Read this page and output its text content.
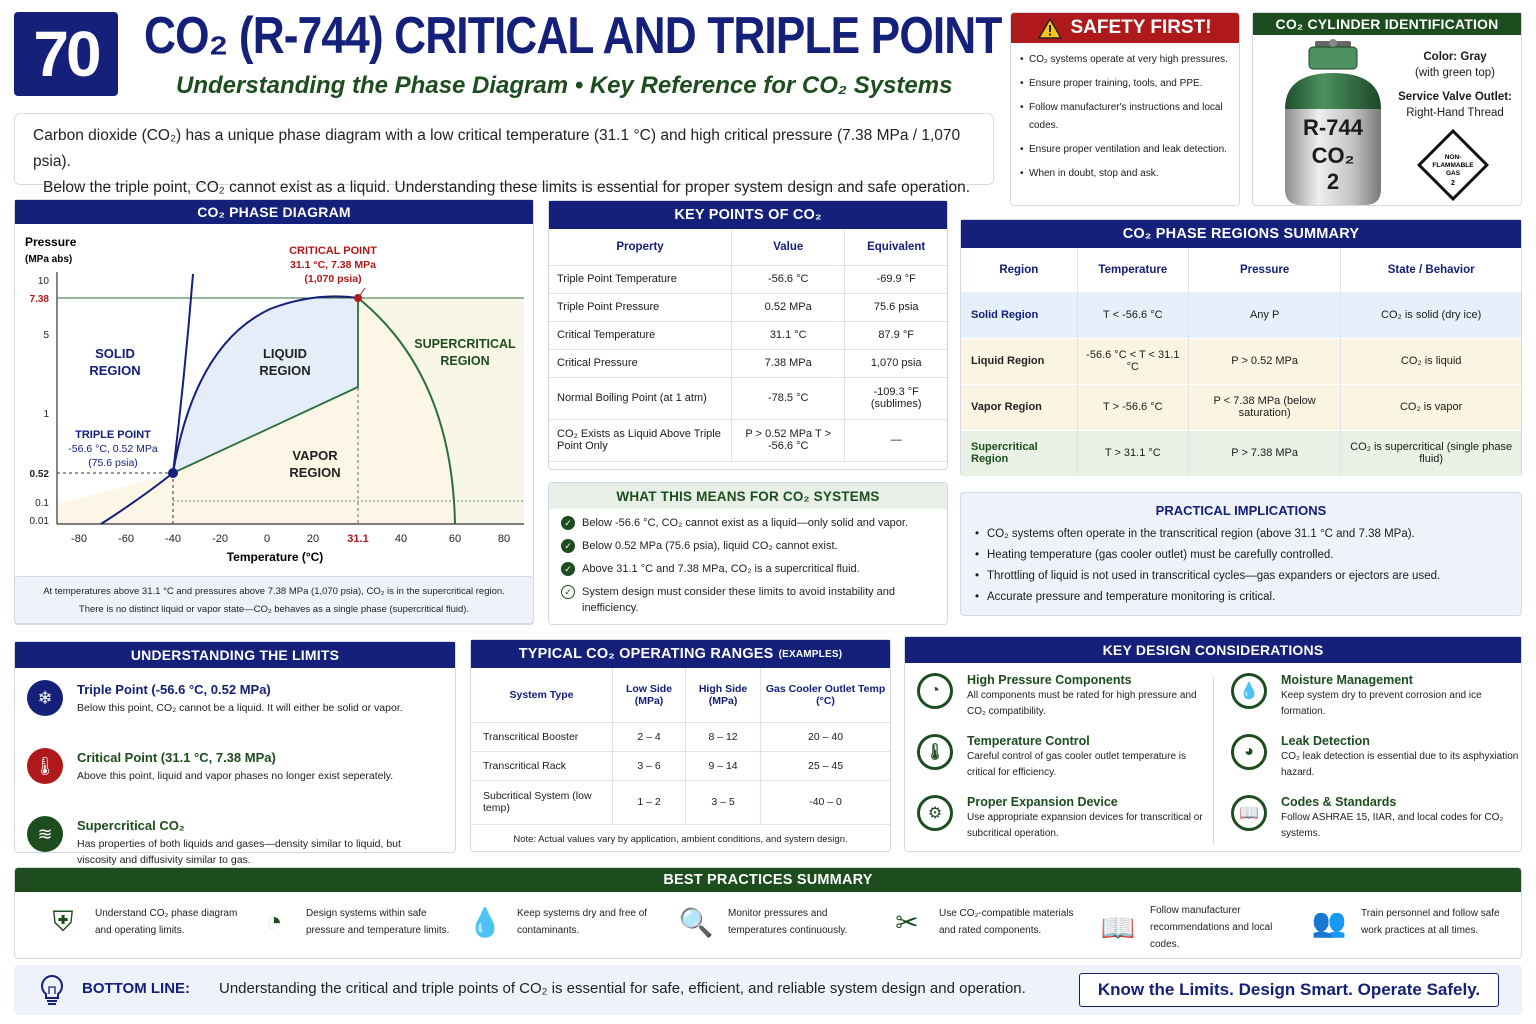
70 CO₂ (R-744) CRITICAL AND TRIPLE POINT
Understanding the Phase Diagram • Key Reference for CO₂ Systems
Carbon dioxide (CO₂) has a unique phase diagram with a low critical temperature (31.1 °C) and high critical pressure (7.38 MPa / 1,070 psia).
Below the triple point, CO₂ cannot exist as a liquid. Understanding these limits is essential for proper system design and safe operation.
SAFETY FIRST!
• CO₂ systems operate at very high pressures.
• Ensure proper training, tools, and PPE.
• Follow manufacturer's instructions and local codes.
• Ensure proper ventilation and leak detection.
• When in doubt, stop and ask.
CO₂ CYLINDER IDENTIFICATION
R-744
CO₂
2
Color: Gray
(with green top)
Service Valve Outlet:
Right-Hand Thread
NON-
FLAMMABLE
GAS
2
CO₂ PHASE DIAGRAM
Pressure
(MPa abs)
Temperature (°C)
10
7.38
5
1
0.52
0.1
0.01
-80	-60	-40	-20	0	20	31.1 40	60	80
CRITICAL POINT
31.1 °C, 7.38 MPa
(1,070 psia)
TRIPLE POINT
-56.6 °C, 0.52 MPa
(75.6 psia)
SOLID
REGION
LIQUID
REGION
VAPOR
REGION
SUPERCRITICAL
REGION
At temperatures above 31.1 °C and pressures above 7.38 MPa (1,070 psia), CO₂ is in the supercritical region.
There is no distinct liquid or vapor state—CO₂ behaves as a single phase (supercritical fluid).
KEY POINTS OF CO₂
Property	Value	Equivalent
Triple Point Temperature	-56.6 °C	-69.9 °F
Triple Point Pressure	0.52 MPa	75.6 psia
Critical Temperature	31.1 °C	87.9 °F
Critical Pressure	7.38 MPa	1,070 psia
Normal Boiling Point (at 1 atm)	-78.5 °C	-109.3 °F (sublimes)
CO₂ Exists as Liquid Above Triple Point Only	P > 0.52 MPa T > -56.6 °C	—
WHAT THIS MEANS FOR CO₂ SYSTEMS
✓ Below -56.6 °C, CO₂ cannot exist as a liquid—only solid and vapor.
✓ Below 0.52 MPa (75.6 psia), liquid CO₂ cannot exist.
✓ Above 31.1 °C and 7.38 MPa, CO₂ is a supercritical fluid.
✓ System design must consider these limits to avoid instability and inefficiency.
CO₂ PHASE REGIONS SUMMARY
Region	Temperature	Pressure	State / Behavior
Solid Region	T < -56.6 °C	Any P	CO₂ is solid (dry ice)
Liquid Region	-56.6 °C < T < 31.1 °C	P > 0.52 MPa	CO₂ is liquid
Vapor Region	T > -56.6 °C	P < 7.38 MPa (below saturation)	CO₂ is vapor
Supercritical Region	T > 31.1 °C	P > 7.38 MPa	CO₂ is supercritical (single phase fluid)
PRACTICAL IMPLICATIONS
• CO₂ systems often operate in the transcritical region (above 31.1 °C and 7.38 MPa).
• Heating temperature (gas cooler outlet) must be carefully controlled.
• Throttling of liquid is not used in transcritical cycles—gas expanders or ejectors are used.
• Accurate pressure and temperature monitoring is critical.
UNDERSTANDING THE LIMITS
❄	Triple Point (-56.6 °C, 0.52 MPa)
Below this point, CO₂ cannot be a liquid. It will either be solid or vapor.
🌡	Critical Point (31.1 °C, 7.38 MPa)
Above this point, liquid and vapor phases no longer exist seperately.
≋	Supercritical CO₂
Has properties of both liquids and gases—density similar to liquid, but viscosity and diffusivity similar to gas.
TYPICAL CO₂ OPERATING RANGES (EXAMPLES)
System Type	Low Side (MPa)	High Side (MPa)	Gas Cooler Outlet Temp (°C)
Transcritical Booster	2 – 4	8 – 12	20 – 40
Transcritical Rack	3 – 6	9 – 14	25 – 45
Subcritical System (low temp)	1 – 2	3 – 5	-40 – 0
Note: Actual values vary by application, ambient conditions, and system design.
KEY DESIGN CONSIDERATIONS
◔
High Pressure Components
All components must be rated for high pressure and CO₂ compatibility.
💧
Moisture Management
Keep system dry to prevent corrosion and ice formation.
🌡
Temperature Control
Careful control of gas cooler outlet temperature is critical for efficiency.
◕
Leak Detection
CO₂ leak detection is essential due to its asphyxiation hazard.
⚙
Proper Expansion Device
Use appropriate expansion devices for transcritical or subcritical operation.
📖
Codes & Standards
Follow ASHRAE 15, IIAR, and local codes for CO₂ systems.
BEST PRACTICES SUMMARY
⛨	Understand CO₂ phase diagram and operating limits.	◔	Design systems within safe pressure and temperature limits. 💧 Keep systems dry and free of contaminants.	🔍 Monitor pressures and temperatures continuously.	✂	Use CO₂-compatible materials and rated components.	📖
Follow manufacturer recommendations and local codes.
👥 Train personnel and follow safe work practices at all times.
BOTTOM LINE: Understanding the critical and triple points of CO₂ is essential for safe, efficient, and reliable system design and operation.	Know the Limits. Design Smart. Operate Safely.
